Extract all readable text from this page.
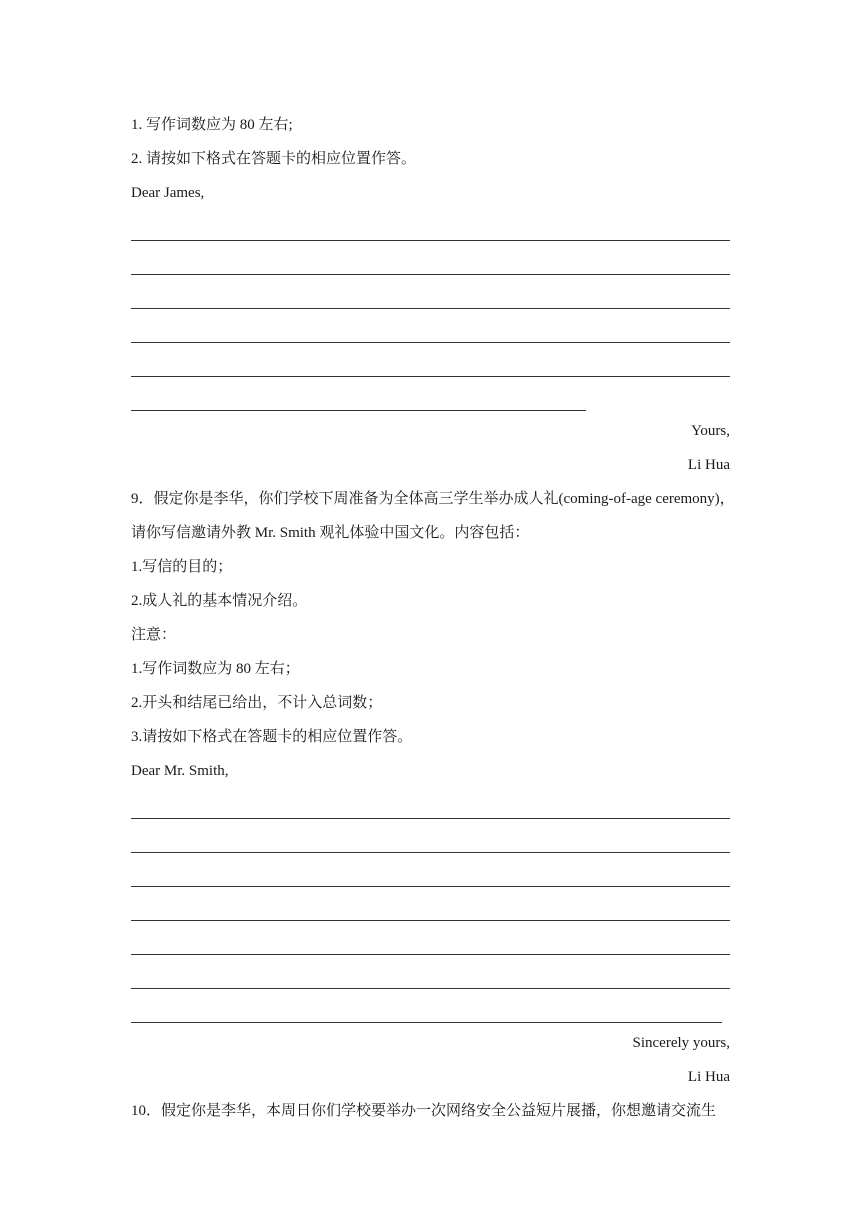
1. 写作词数应为 80 左右;
2. 请按如下格式在答题卡的相应位置作答。
Dear James,
Yours,
Li Hua
9．假定你是李华，你们学校下周准备为全体高三学生举办成人礼(coming-of-age ceremony)，
请你写信邀请外教 Mr. Smith 观礼体验中国文化。内容包括：
1.写信的目的；
2.成人礼的基本情况介绍。
注意：
1.写作词数应为 80 左右；
2.开头和结尾已给出，不计入总词数；
3.请按如下格式在答题卡的相应位置作答。
Dear Mr. Smith,
Sincerely yours,
Li Hua
10．假定你是李华，本周日你们学校要举办一次网络安全公益短片展播，你想邀请交流生
